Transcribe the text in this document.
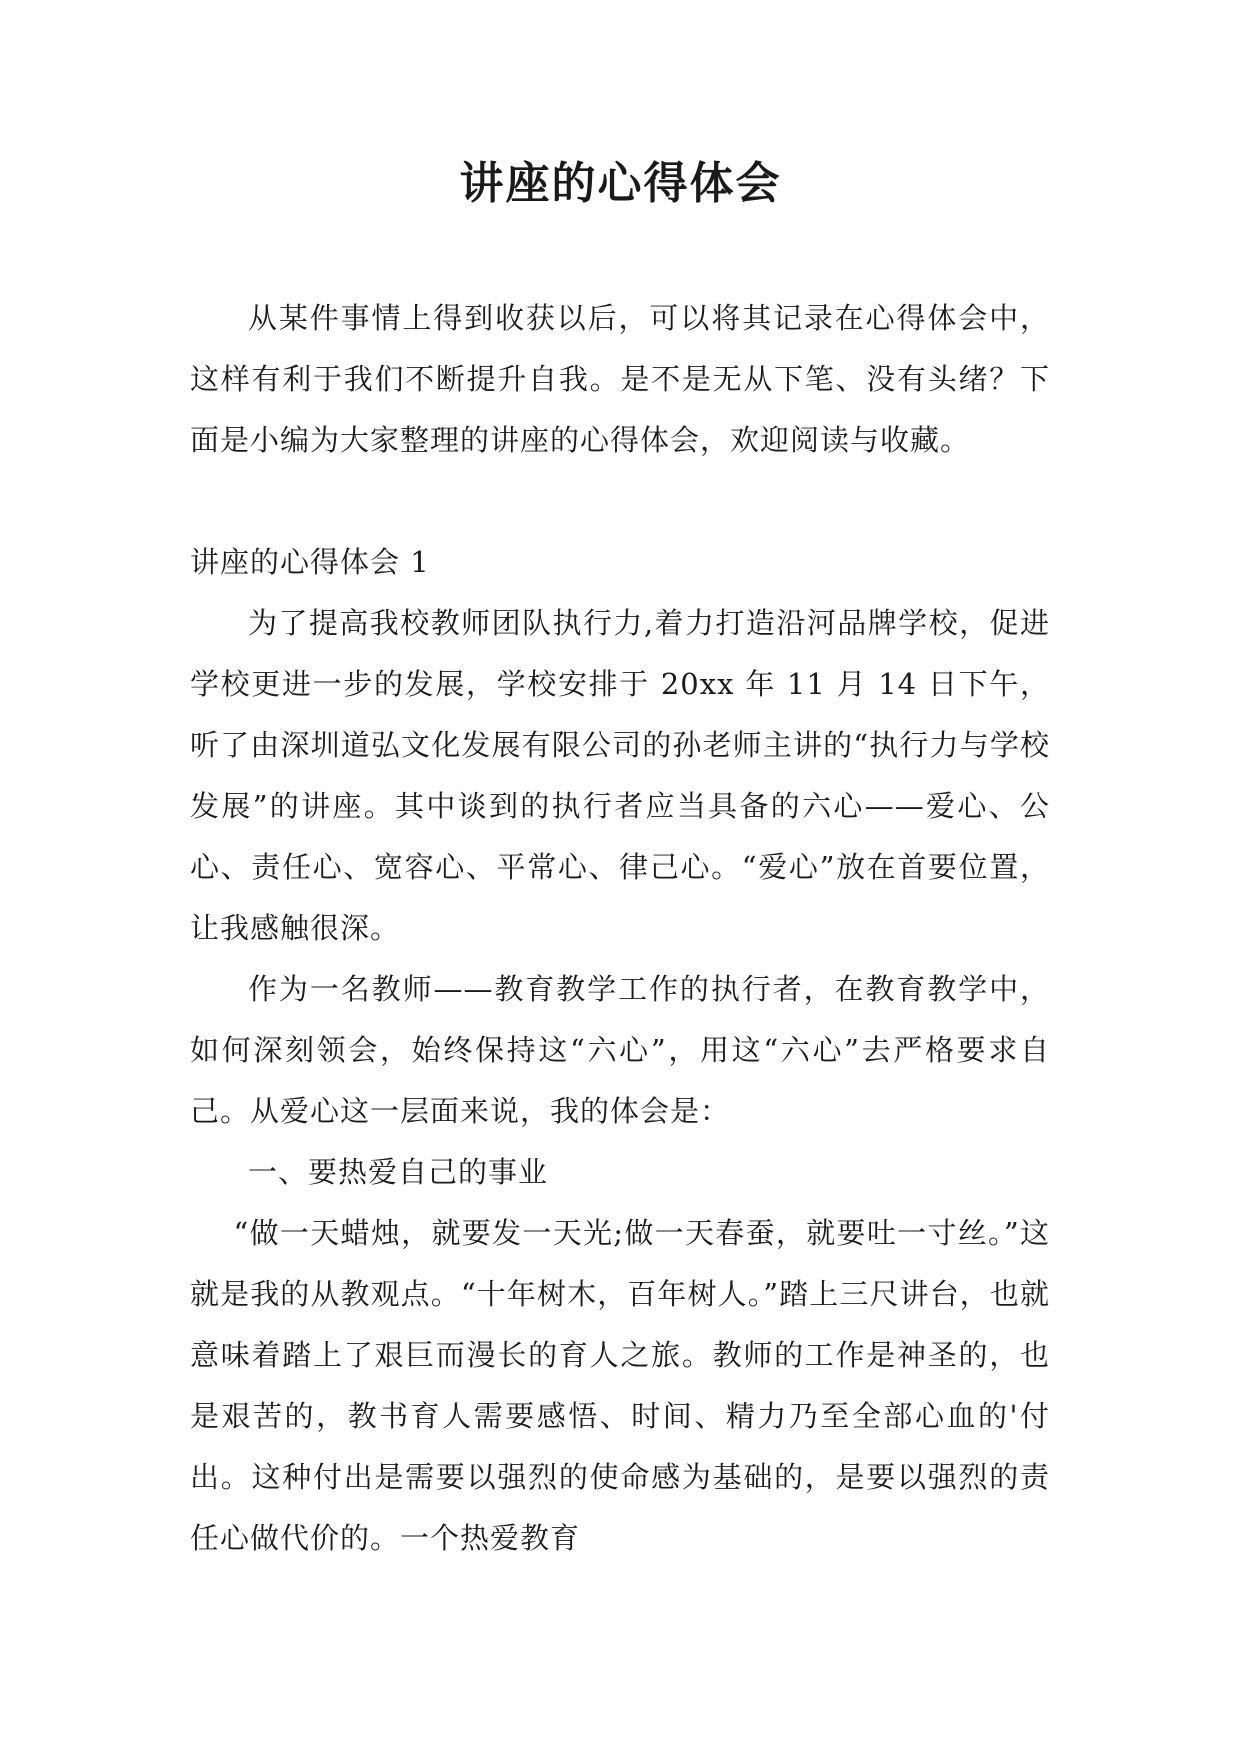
讲座的心得体会

从某件事情上得到收获以后，可以将其记录在心得体会中，这样有利于我们不断提升自我。是不是无从下笔、没有头绪？下面是小编为大家整理的讲座的心得体会，欢迎阅读与收藏。

讲座的心得体会 1

为了提高我校教师团队执行力,着力打造沿河品牌学校，促进学校更进一步的发展，学校安排于 20xx 年 11 月 14 日下午，听了由深圳道弘文化发展有限公司的孙老师主讲的“执行力与学校发展”的讲座。其中谈到的执行者应当具备的六心——爱心、公心、责任心、宽容心、平常心、律己心。“爱心”放在首要位置，让我感触很深。

作为一名教师——教育教学工作的执行者，在教育教学中，如何深刻领会，始终保持这“六心”，用这“六心”去严格要求自己。从爱心这一层面来说，我的体会是：

一、要热爱自己的事业

“做一天蜡烛，就要发一天光;做一天春蚕，就要吐一寸丝。”这就是我的从教观点。“十年树木，百年树人。”踏上三尺讲台，也就意味着踏上了艰巨而漫长的育人之旅。教师的工作是神圣的，也是艰苦的，教书育人需要感悟、时间、精力乃至全部心血的'付出。这种付出是需要以强烈的使命感为基础的，是要以强烈的责任心做代价的。一个热爱教育
